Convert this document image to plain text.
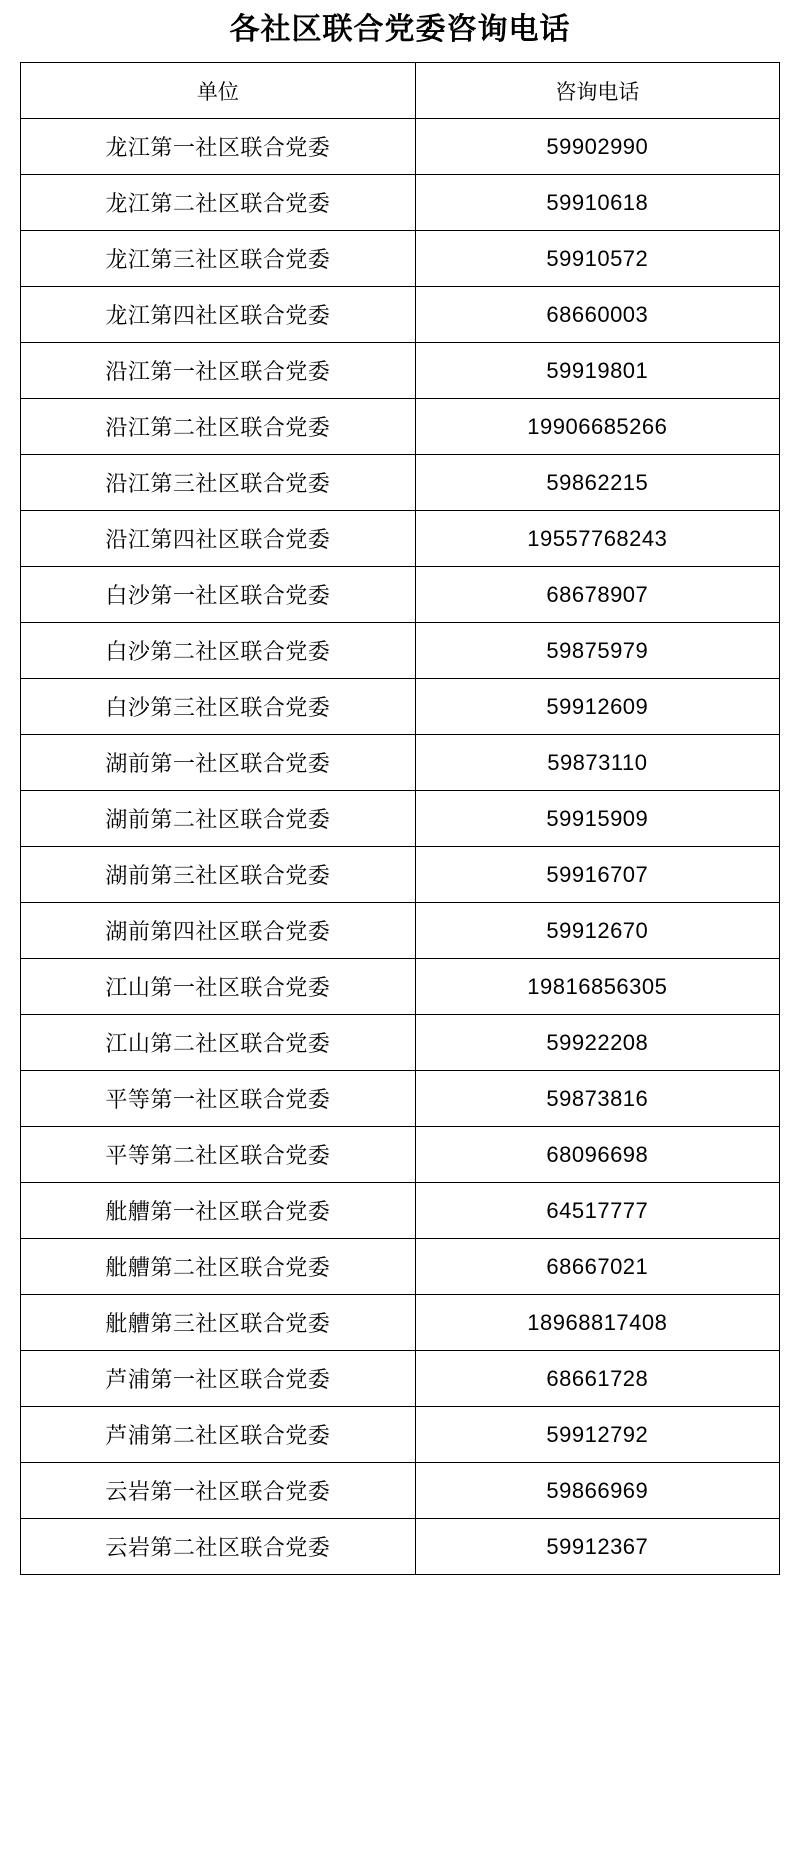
各社区联合党委咨询电话
单位	咨询电话
龙江第一社区联合党委	59902990
龙江第二社区联合党委	59910618
龙江第三社区联合党委	59910572
龙江第四社区联合党委	68660003
沿江第一社区联合党委	59919801
沿江第二社区联合党委	19906685266
沿江第三社区联合党委	59862215
沿江第四社区联合党委	19557768243
白沙第一社区联合党委	68678907
白沙第二社区联合党委	59875979
白沙第三社区联合党委	59912609
湖前第一社区联合党委	59873110
湖前第二社区联合党委	59915909
湖前第三社区联合党委	59916707
湖前第四社区联合党委	59912670
江山第一社区联合党委	19816856305
江山第二社区联合党委	59922208
平等第一社区联合党委	59873816
平等第二社区联合党委	68096698
舭艚第一社区联合党委	64517777
舭艚第二社区联合党委	68667021
舭艚第三社区联合党委	18968817408
芦浦第一社区联合党委	68661728
芦浦第二社区联合党委	59912792
云岩第一社区联合党委	59866969
云岩第二社区联合党委	59912367
